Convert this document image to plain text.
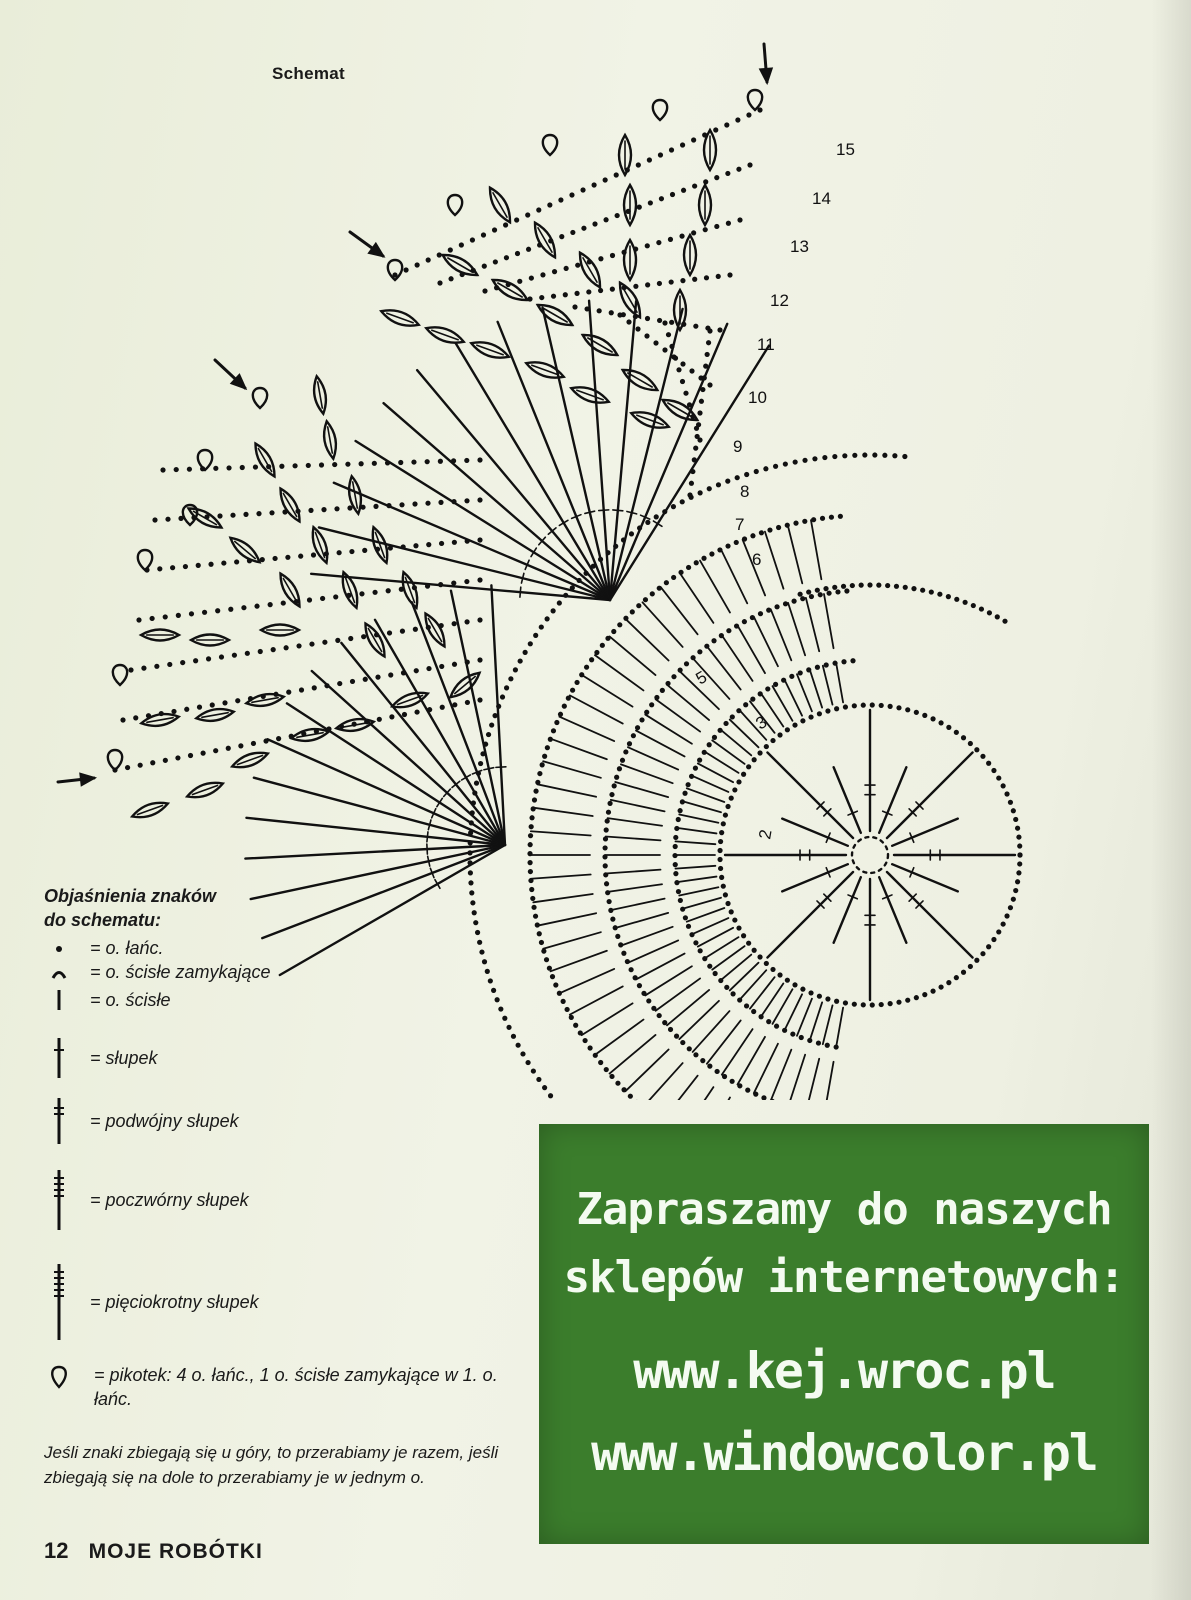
Schemat
2
3
5
6
7
8
9
10
11
12
13
14
15
Objaśnienia znaków
do schematu:
= o. łańc.
= o. ścisłe zamykające
= o. ścisłe
= słupek
= podwójny słupek
= poczwórny słupek
= pięciokrotny słupek
= pikotek: 4 o. łańc., 1 o. ścisłe zamykające w 1. o. łańc.
Jeśli znaki zbiegają się u góry, to przerabiamy je razem, jeśli zbiegają się na dole to przerabiamy je w jednym o.
12 MOJE ROBÓTKI
Zapraszamy do naszych
sklepów internetowych:
www.kej.wroc.pl
www.windowcolor.pl
